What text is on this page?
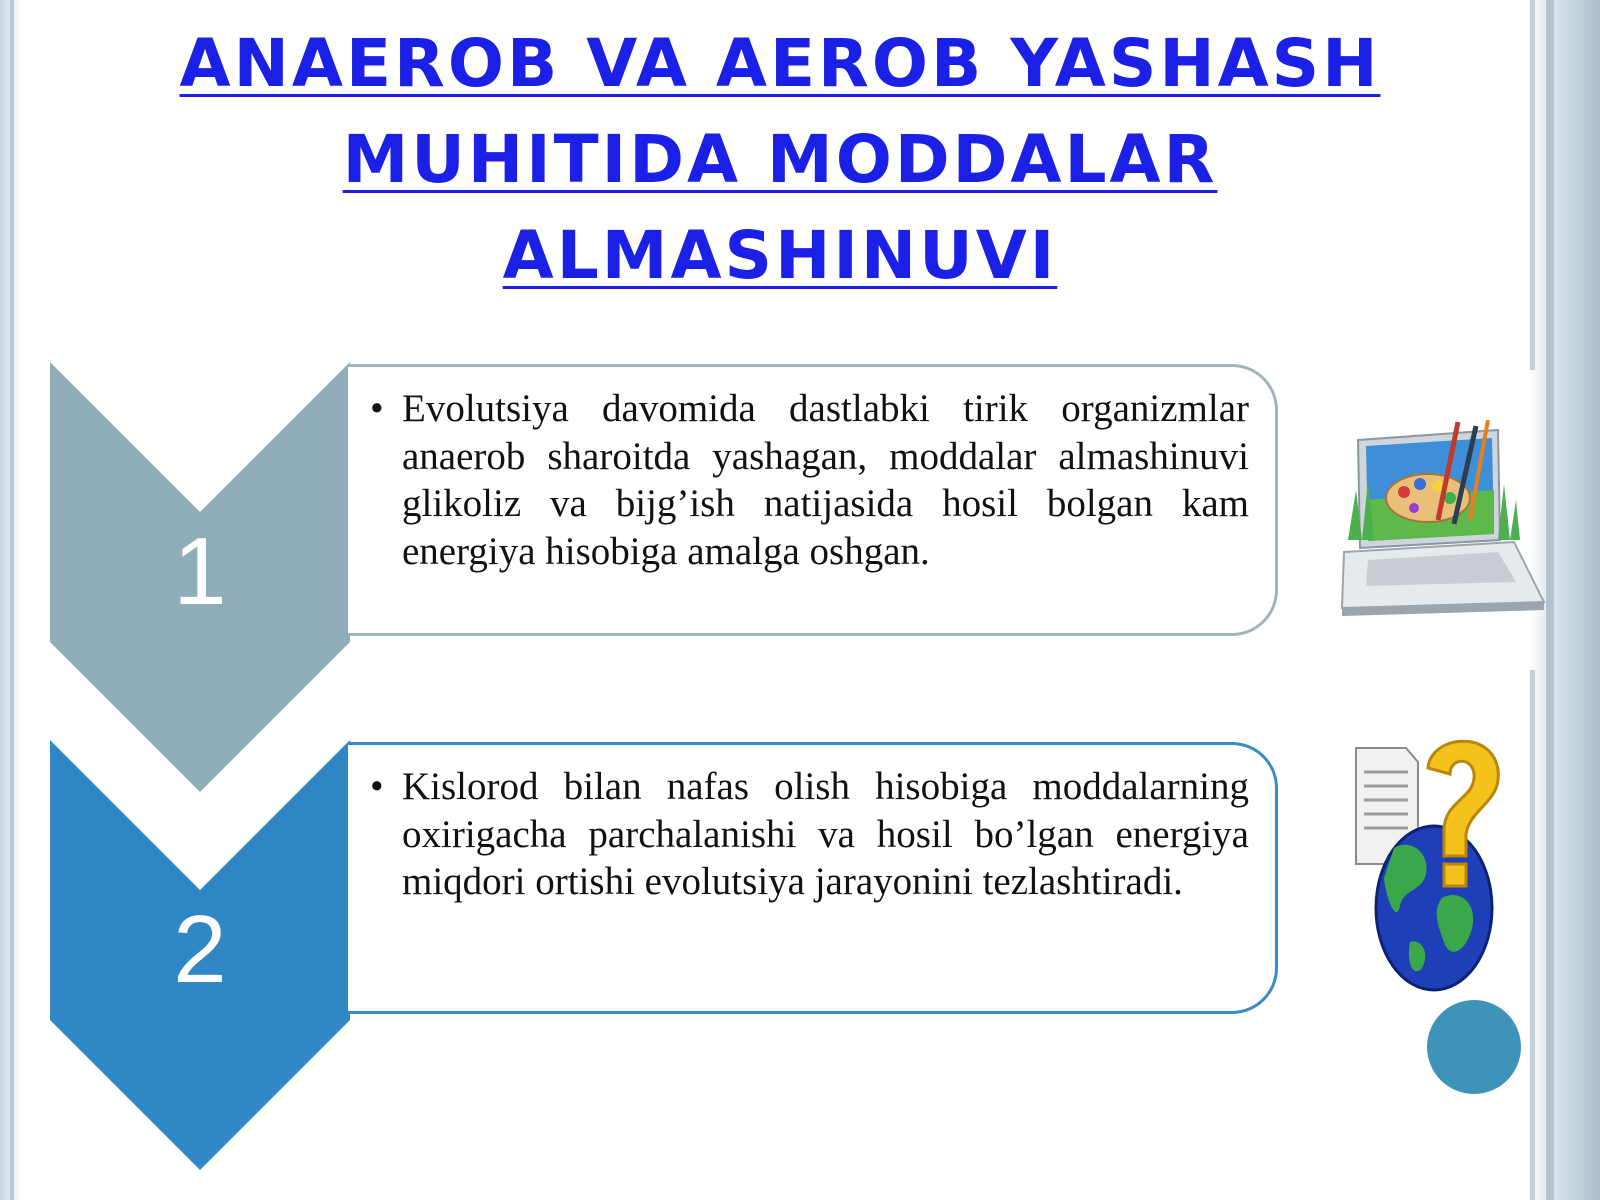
ANAEROB VA AEROB YASHASH MUHITIDA MODDALAR ALMASHINUVI
1
• Evolutsiya davomida dastlabki tirik organizmlar anaerob sharoitda yashagan, moddalar almashinuvi glikoliz va bijg’ish natijasida hosil bolgan kam energiya hisobiga amalga oshgan.
2
• Kislorod bilan nafas olish hisobiga moddalarning oxirigacha parchalanishi va hosil bo’lgan energiya miqdori ortishi evolutsiya jarayonini tezlashtiradi.
